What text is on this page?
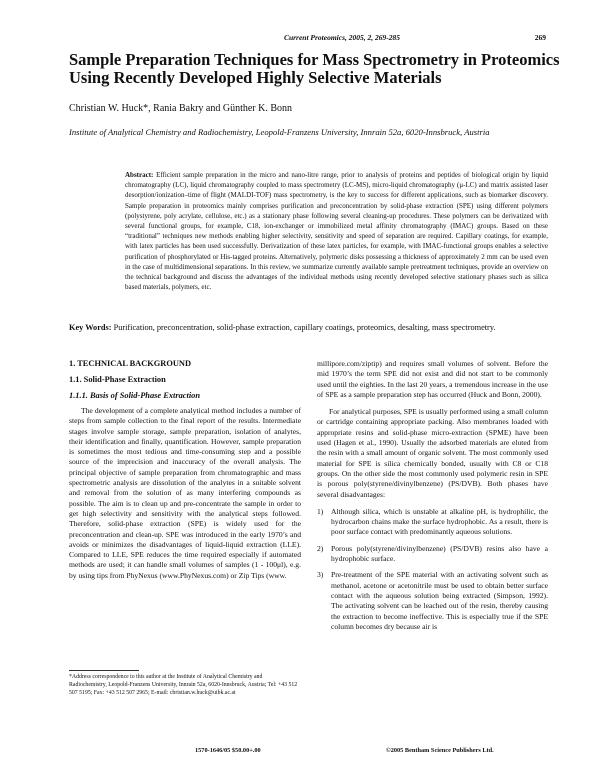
Current Proteomics, 2005, 2, 269-285	269
Sample Preparation Techniques for Mass Spectrometry in Proteomics
Using Recently Developed Highly Selective Materials
Christian W. Huck*, Rania Bakry and Günther K. Bonn
Institute of Analytical Chemistry and Radiochemistry, Leopold-Franzens University, Innrain 52a, 6020-Innsbruck, Austria
Abstract: Efficient sample preparation in the micro and nano-litre range, prior to analysis of proteins and peptides of biological origin by liquid chromatography (LC), liquid chromatography coupled to mass spectrometry (LC-MS), micro-liquid chromatography (μ-LC) and matrix assisted laser desorption/ionization–time of flight (MALDI-TOF) mass spectrometry, is the key to success for different applications, such as biomarker discovery. Sample preparation in proteomics mainly comprises purification and preconcentration by solid-phase extraction (SPE) using different polymers (polystyrene, poly acrylate, cellulose, etc.) as a stationary phase following several cleaning-up procedures. These polymers can be derivatized with several functional groups, for example, C18, ion-exchanger or immobilized metal affinity chromatography (IMAC) groups. Based on these “traditional” techniques new methods enabling higher selectivity, sensitivity and speed of separation are required. Capillary coatings, for example, with latex particles has been used successfully. Derivatization of these latex particles, for example, with IMAC-functional groups enables a selective purification of phosphorylated or His-tagged proteins. Alternatively, polymeric disks possessing a thickness of approximately 2 mm can be used even in the case of multidimensional separations. In this review, we summarize currently available sample pretreatment techniques, provide an overview on the technical background and discuss the advantages of the individual methods using recently developed selective stationary phases such as silica based materials, polymers, etc.
Key Words: Purification, preconcentration, solid-phase extraction, capillary coatings, proteomics, desalting, mass spectrometry.
1. TECHNICAL BACKGROUND
1.1. Solid-Phase Extraction
1.1.1. Basis of Solid-Phase Extraction

The development of a complete analytical method includes a number of steps from sample collection to the final report of the results. Intermediate stages involve sample storage, sample preparation, isolation of analytes, their identification and finally, quantification. However, sample preparation is sometimes the most tedious and time-consuming step and a possible source of the imprecision and inaccuracy of the overall analysis. The principal objective of sample preparation from chromatographic and mass spectrometric analysis are dissolution of the analytes in a suitable solvent and removal from the solution of as many interfering compounds as possible. The aim is to clean up and pre-concentrate the sample in order to get high selectivity and sensitivity with the analytical steps followed. Therefore, solid-phase extraction (SPE) is widely used for the preconcentration and clean-up. SPE was introduced in the early 1970’s and avoids or minimizes the disadvantages of liquid-liquid extraction (LLE). Compared to LLE, SPE reduces the time required especially if automated methods are used; it can handle small volumes of samples (1 - 100μl), e.g. by using tips from PhyNexus (www.PhyNexus.com) or Zip Tips (www.

*Address correspondence to this author at the Institute of Analytical Chemistry and Radiochemistry, Leopold-Franzens University, Innrain 52a, 6020-Innsbruck, Austria; Tel: +43 512 507 5195; Fax: +43 512 507 2965; E-mail: christian.w.huck@uibk.ac.at

millipore.com/ziptip) and requires small volumes of solvent. Before the mid 1970’s the term SPE did not exist and did not start to be commonly used until the eighties. In the last 20 years, a tremendous increase in the use of SPE as a sample preparation step has occurred (Huck and Bonn, 2000).

For analytical purposes, SPE is usually performed using a small column or cartridge containing appropriate packing. Also membranes loaded with appropriate resins and solid-phase micro-extraction (SPME) have been used (Hagen et al., 1990). Usually the adsorbed materials are eluted from the resin with a small amount of organic solvent. The most commonly used material for SPE is silica chemically bonded, usually with C8 or C18 groups. On the other side the most commonly used polymeric resin in SPE is porous poly(styrene/divinylbenzene) (PS/DVB). Both phases have several disadvantages:

1) Although silica, which is unstable at alkaline pH, is hydrophilic, the hydrocarbon chains make the surface hydrophobic. As a result, there is poor surface contact with predominantly aqueous solutions.
2) Porous poly(styrene/divinylbenzene) (PS/DVB) resins also have a hydrophobic surface.
3) Pre-treatment of the SPE material with an activating solvent such as methanol, acetone or acetonitrile must be used to obtain better surface contact with the aqueous solution being extracted (Simpson, 1992). The activating solvent can be leached out of the resin, thereby causing the extraction to become ineffective. This is especially true if the SPE column becomes dry because air is
1570-1646/05 $50.00+.00	©2005 Bentham Science Publishers Ltd.
